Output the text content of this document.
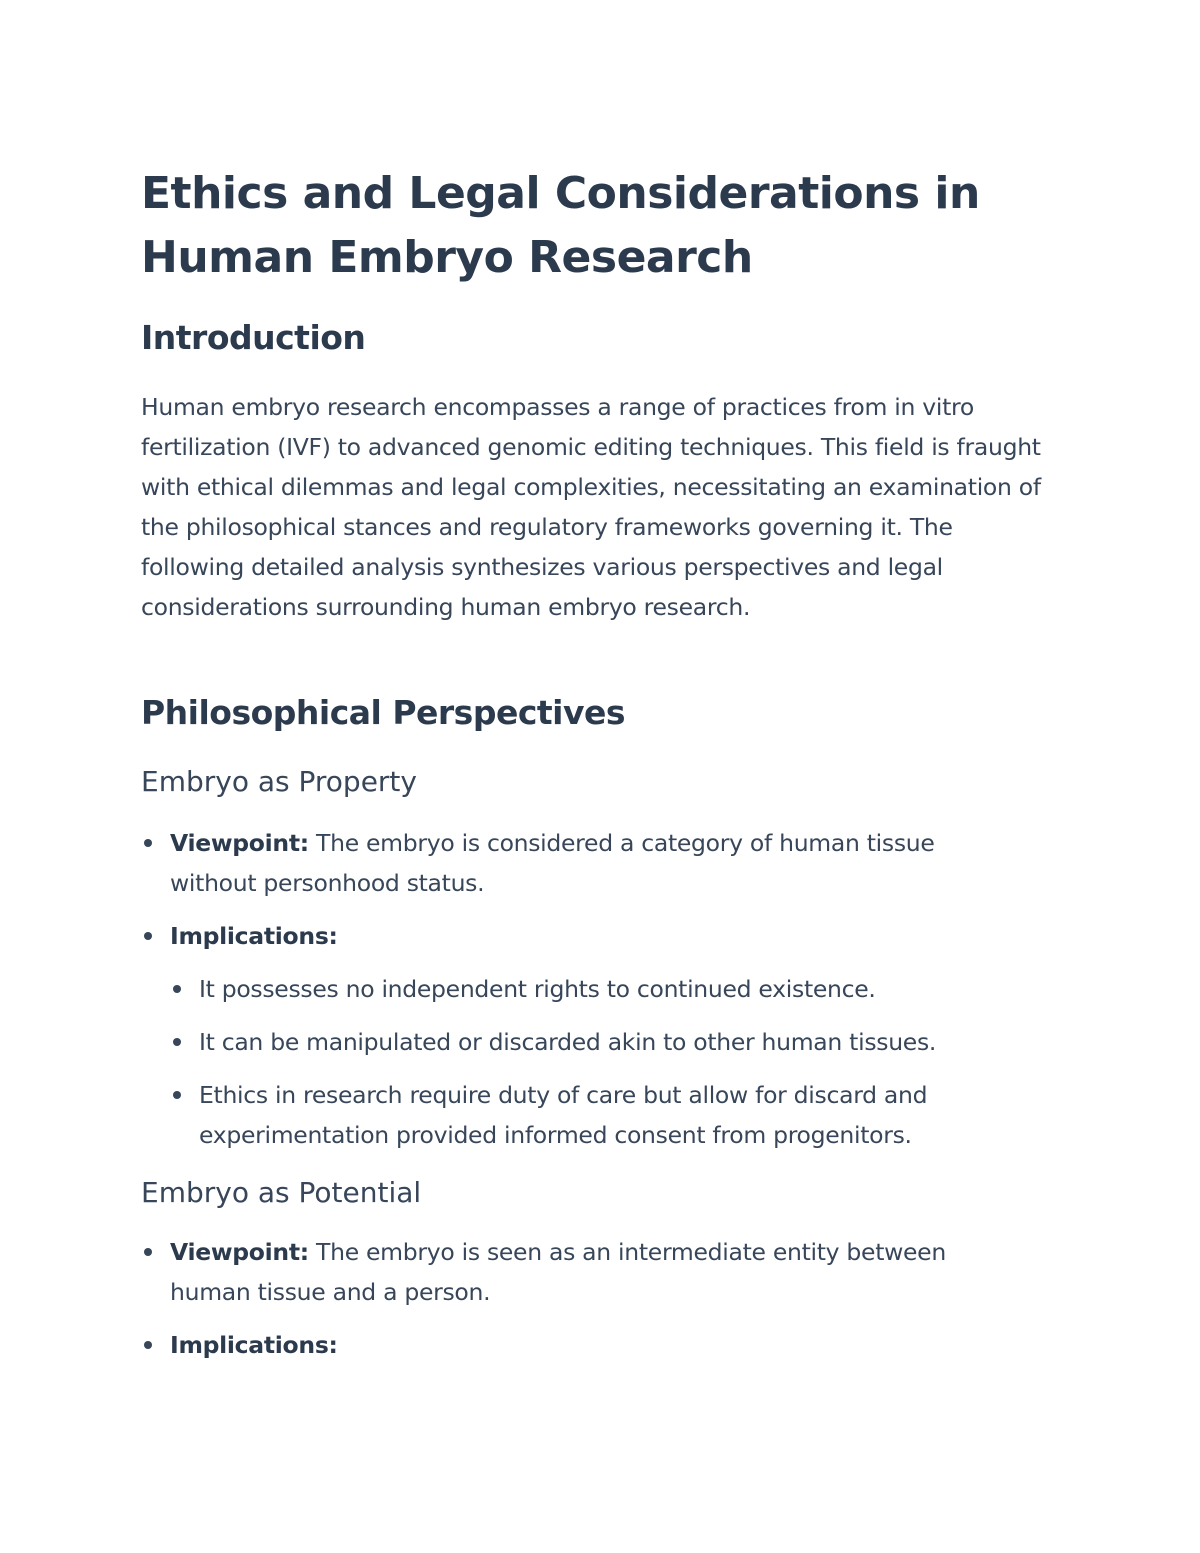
Ethics and Legal Considerations in Human Embryo Research
Introduction

Human embryo research encompasses a range of practices from in vitro fertilization (IVF) to advanced genomic editing techniques. This field is fraught with ethical dilemmas and legal complexities, necessitating an examination of the philosophical stances and regulatory frameworks governing it. The following detailed analysis synthesizes various perspectives and legal considerations surrounding human embryo research.

Philosophical Perspectives
Embryo as Property
Viewpoint: The embryo is considered a category of human tissue without personhood status.
Implications:
It possesses no independent rights to continued existence.
It can be manipulated or discarded akin to other human tissues.
Ethics in research require duty of care but allow for discard and experimentation provided informed consent from progenitors.
Embryo as Potential
Viewpoint: The embryo is seen as an intermediate entity between human tissue and a person.
Implications:
